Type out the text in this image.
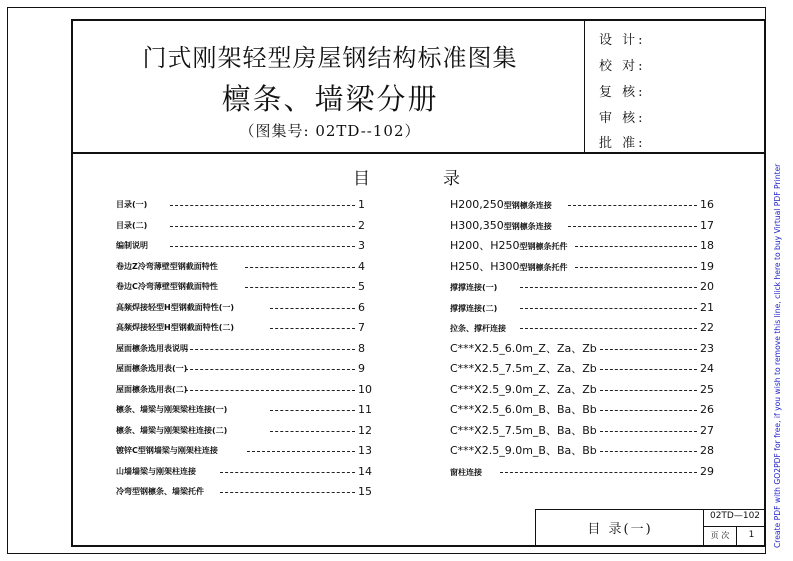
门式刚架轻型房屋钢结构标准图集
檩条、墙梁分册
（图集号: 02TD--102）
设 计:
校 对:
复 核:
审 核:
批 准:
目	录
目录(一)	1
目录(二)	2
编制说明	3
卷边Z冷弯薄壁型钢截面特性	4
卷边C冷弯薄壁型钢截面特性	5
高频焊接轻型H型钢截面特性(一)	6
高频焊接轻型H型钢截面特性(二)	7
屋面檩条选用表说明	8
屋面檩条选用表(一)	9
屋面檩条选用表(二)	10
檩条、墙梁与刚架梁柱连接(一)	11
檩条、墙梁与刚架梁柱连接(二)	12
镀锌C型钢墙梁与刚架柱连接	13
山墙墙梁与刚架柱连接	14
冷弯型钢檩条、墙梁托件	15
H200,250型钢檩条连接	16
H300,350型钢檩条连接	17
H200、H250型钢檩条托件	18
H250、H300型钢檩条托件	19
撑撑连接(一)	20
撑撑连接(二)	21
拉条、撑杆连接	22
C***X2.5_6.0m_Z、Za、Zb	23
C***X2.5_7.5m_Z、Za、Zb	24
C***X2.5_9.0m_Z、Za、Zb	25
C***X2.5_6.0m_B、Ba、Bb	26
C***X2.5_7.5m_B、Ba、Bb	27
C***X2.5_9.0m_B、Ba、Bb	28
窗柱连接	29
目 录(一)
02TD—102
页 次	1	Create PDF with GO2PDF for free, if you wish to remove this line, click here to buy Virtual PDF Printer
